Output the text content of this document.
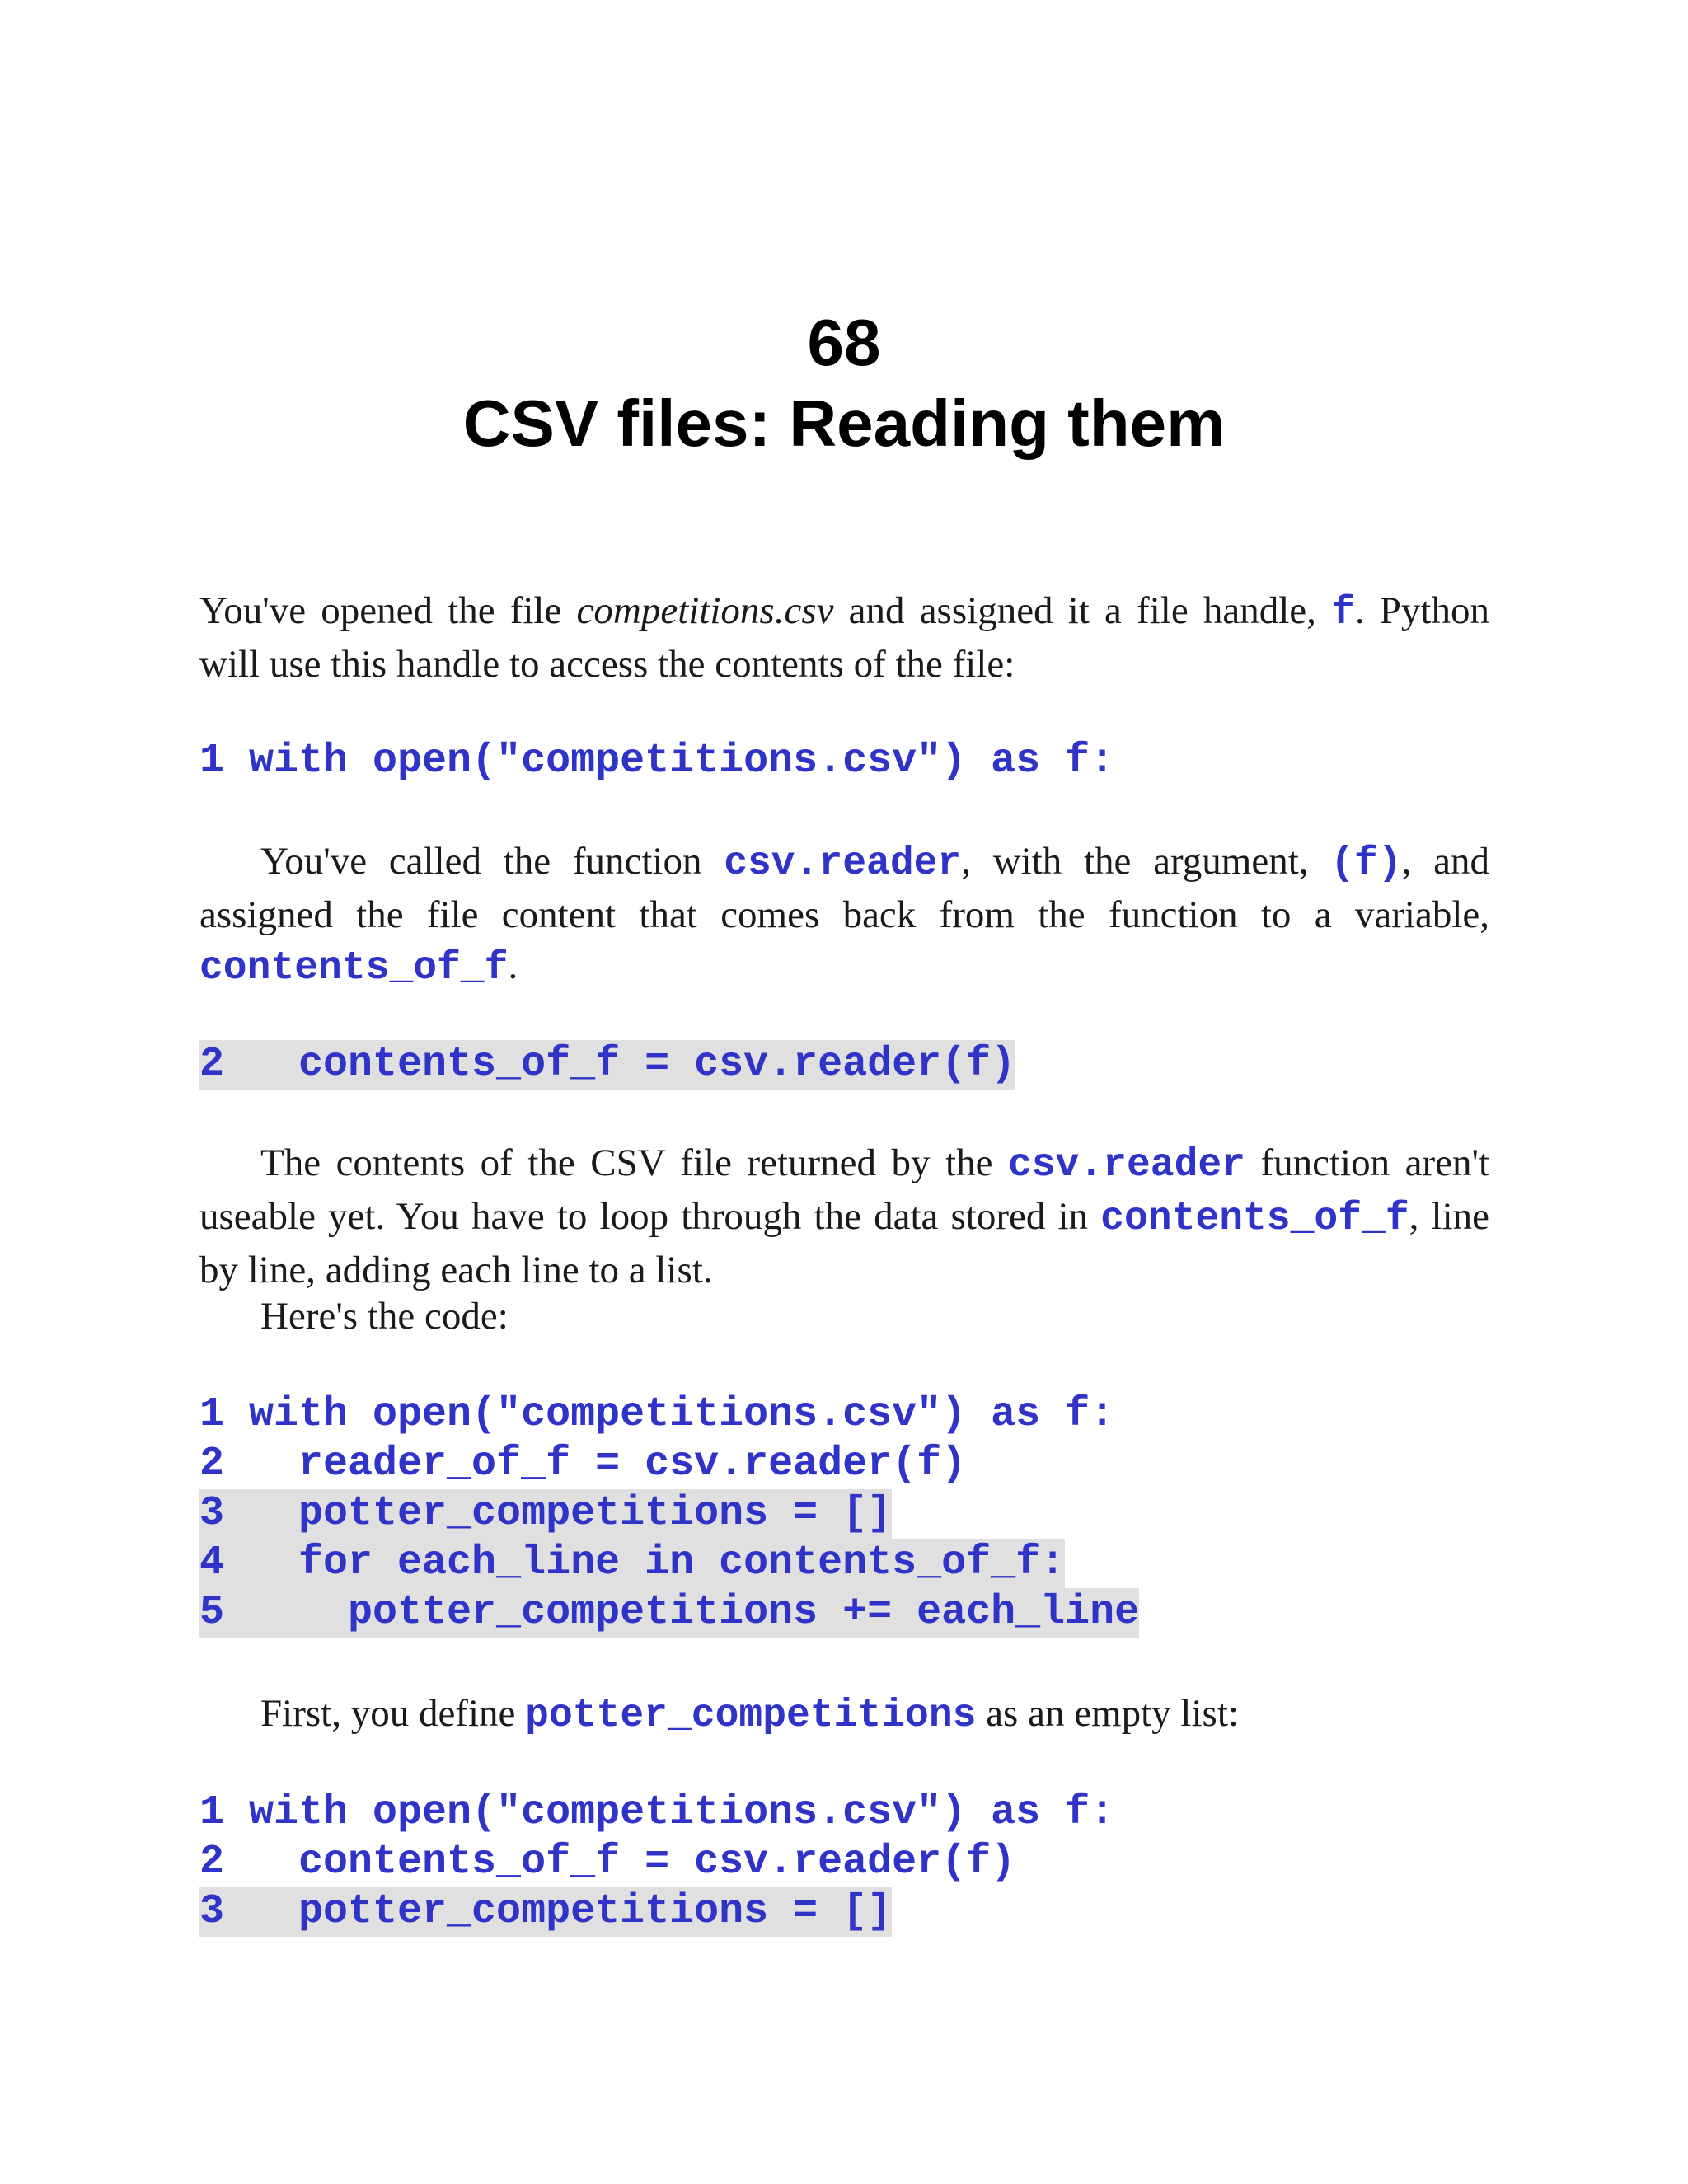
68
CSV files: Reading them

You've opened the file competitions.csv and assigned it a file handle, f. Python will use this handle to access the contents of the file:

1 with open("competitions.csv") as f:

You've called the function csv.reader, with the argument, (f), and assigned the file content that comes back from the function to a variable, contents_of_f.

2   contents_of_f = csv.reader(f)

The contents of the CSV file returned by the csv.reader function aren't useable yet. You have to loop through the data stored in contents_of_f, line by line, adding each line to a list.

Here's the code:

1 with open("competitions.csv") as f:
2   reader_of_f = csv.reader(f)
3   potter_competitions = []
4   for each_line in contents_of_f:
5     potter_competitions += each_line

First, you define potter_competitions as an empty list:

1 with open("competitions.csv") as f:
2   contents_of_f = csv.reader(f)
3   potter_competitions = []
